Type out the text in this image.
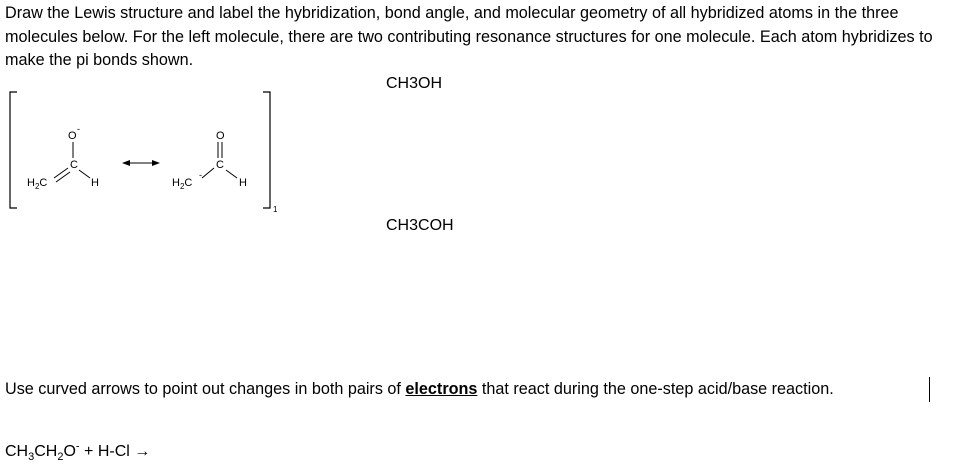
Draw the Lewis structure and label the hybridization, bond angle, and molecular geometry of all hybridized atoms in the three molecules below. For the left molecule, there are two contributing resonance structures for one molecule. Each atom hybridizes to make the pi bonds shown.
1
O
-
C
$H_2C$	H
O
C
$H_2C$
-
H
CH3OH
CH3COH
Use curved arrows to point out changes in both pairs of electrons that react during the one-step acid/base reaction.
$CH_3CH_2O^- + H-Cl$ →
